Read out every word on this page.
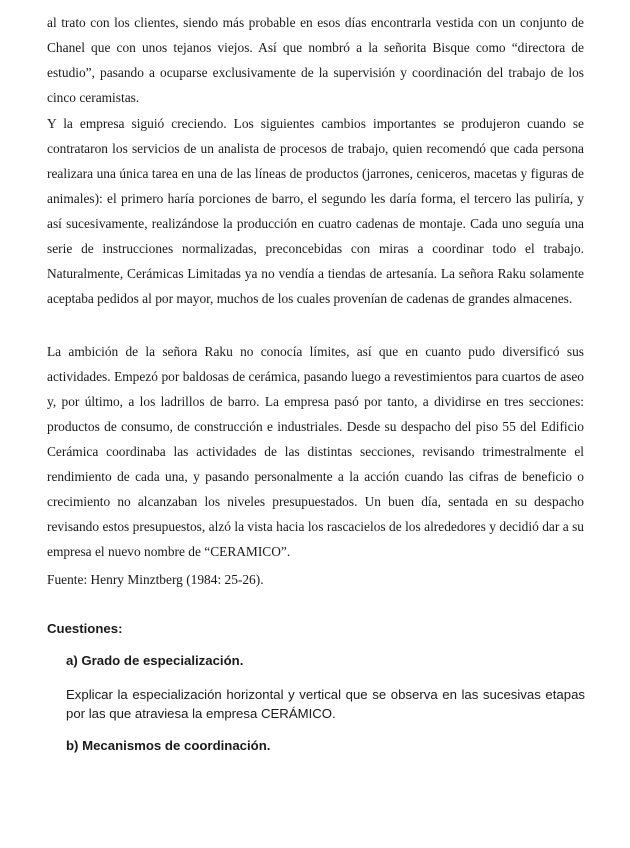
al trato con los clientes, siendo más probable en esos días encontrarla vestida con un conjunto de Chanel que con unos tejanos viejos. Así que nombró a la señorita Bisque como “directora de estudio”, pasando a ocuparse exclusivamente de la supervisión y coordinación del trabajo de los cinco ceramistas.

Y la empresa siguió creciendo. Los siguientes cambios importantes se produjeron cuando se contrataron los servicios de un analista de procesos de trabajo, quien recomendó que cada persona realizara una única tarea en una de las líneas de productos (jarrones, ceniceros, macetas y figuras de animales): el primero haría porciones de barro, el segundo les daría forma, el tercero las puliría, y así sucesivamente, realizándose la producción en cuatro cadenas de montaje. Cada uno seguía una serie de instrucciones normalizadas, preconcebidas con miras a coordinar todo el trabajo. Naturalmente, Cerámicas Limitadas ya no vendía a tiendas de artesanía. La señora Raku solamente aceptaba pedidos al por mayor, muchos de los cuales provenían de cadenas de grandes almacenes.

La ambición de la señora Raku no conocía límites, así que en cuanto pudo diversificó sus actividades. Empezó por baldosas de cerámica, pasando luego a revestimientos para cuartos de aseo y, por último, a los ladrillos de barro. La empresa pasó por tanto, a dividirse en tres secciones: productos de consumo, de construcción e industriales. Desde su despacho del piso 55 del Edificio Cerámica coordinaba las actividades de las distintas secciones, revisando trimestralmente el rendimiento de cada una, y pasando personalmente a la acción cuando las cifras de beneficio o crecimiento no alcanzaban los niveles presupuestados. Un buen día, sentada en su despacho revisando estos presupuestos, alzó la vista hacia los rascacielos de los alrededores y decidió dar a su empresa el nuevo nombre de “CERAMICO”.

Fuente: Henry Minztberg (1984: 25-26).

Cuestiones:

a) Grado de especialización.

Explicar la especialización horizontal y vertical que se observa en las sucesivas etapas por las que atraviesa la empresa CERÁMICO.

b) Mecanismos de coordinación.
